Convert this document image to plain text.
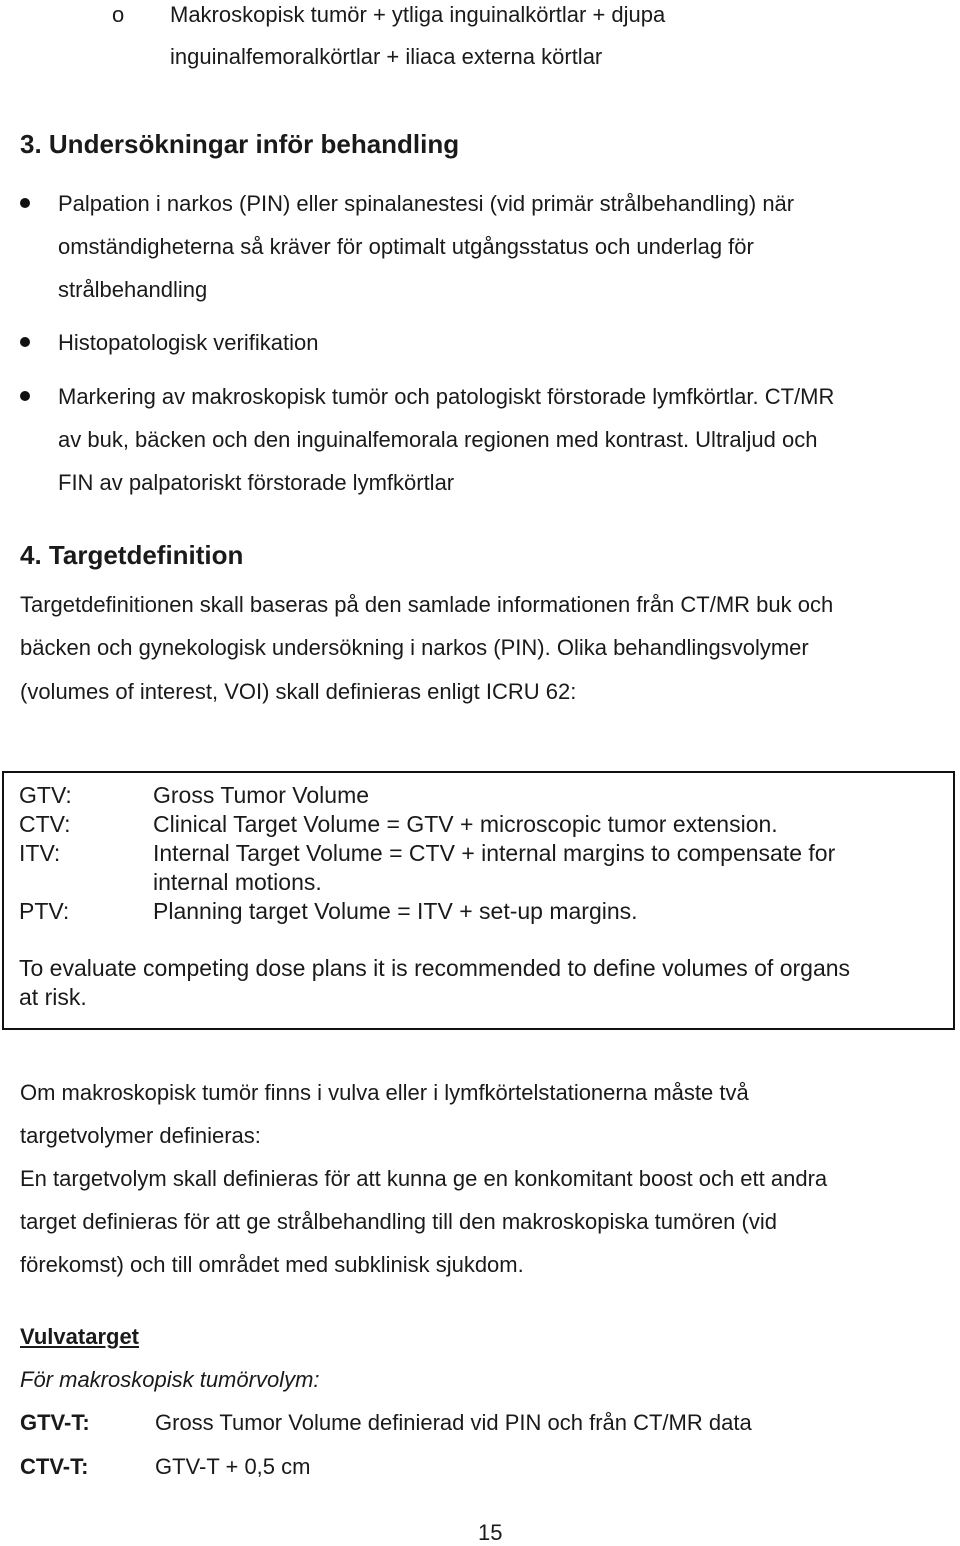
o Makroskopisk tumör + ytliga inguinalkörtlar + djupa
inguinalfemoralkörtlar + iliaca externa körtlar
3. Undersökningar inför behandling
Palpation i narkos (PIN) eller spinalanestesi (vid primär strålbehandling) när
omständigheterna så kräver för optimalt utgångsstatus och underlag för
strålbehandling
Histopatologisk verifikation
Markering av makroskopisk tumör och patologiskt förstorade lymfkörtlar. CT/MR
av buk, bäcken och den inguinalfemorala regionen med kontrast. Ultraljud och
FIN av palpatoriskt förstorade lymfkörtlar
4. Targetdefinition
Targetdefinitionen skall baseras på den samlade informationen från CT/MR buk och
bäcken och gynekologisk undersökning i narkos (PIN). Olika behandlingsvolymer
(volumes of interest, VOI) skall definieras enligt ICRU 62:
GTV:	Gross Tumor Volume
CTV:	Clinical Target Volume = GTV + microscopic tumor extension.
ITV:	Internal Target Volume = CTV + internal margins to compensate for
internal motions.
PTV:	Planning target Volume = ITV + set-up margins.
To evaluate competing dose plans it is recommended to define volumes of organs
at risk.
Om makroskopisk tumör finns i vulva eller i lymfkörtelstationerna måste två
targetvolymer definieras:
En targetvolym skall definieras för att kunna ge en konkomitant boost och ett andra
target definieras för att ge strålbehandling till den makroskopiska tumören (vid
förekomst) och till området med subklinisk sjukdom.
Vulvatarget
För makroskopisk tumörvolym:
GTV-T:	Gross Tumor Volume definierad vid PIN och från CT/MR data
CTV-T:	GTV-T + 0,5 cm
15
